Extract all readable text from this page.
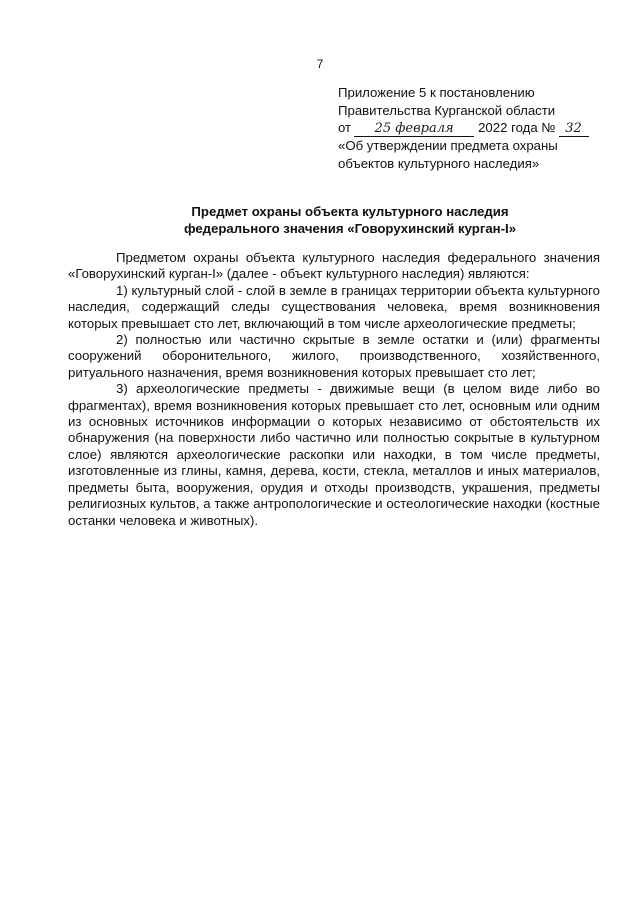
7
Приложение 5 к постановлению
Правительства Курганской области
от 25 февраля 2022 года № 32
«Об утверждении предмета охраны
объектов культурного наследия»
Предмет охраны объекта культурного наследия
федерального значения «Говорухинский курган-I»

Предметом охраны объекта культурного наследия федерального значения «Говорухинский курган-I» (далее - объект культурного наследия) являются:

1) культурный слой - слой в земле в границах территории объекта культурного наследия, содержащий следы существования человека, время возникновения которых превышает сто лет, включающий в том числе археологические предметы;

2) полностью или частично скрытые в земле остатки и (или) фрагменты сооружений оборонительного, жилого, производственного, хозяйственного, ритуального назначения, время возникновения которых превышает сто лет;

3) археологические предметы - движимые вещи (в целом виде либо во фрагментах), время возникновения которых превышает сто лет, основным или одним из основных источников информации о которых независимо от обстоятельств их обнаружения (на поверхности либо частично или полностью сокрытые в культурном слое) являются археологические раскопки или находки, в том числе предметы, изготовленные из глины, камня, дерева, кости, стекла, металлов и иных материалов, предметы быта, вооружения, орудия и отходы производств, украшения, предметы религиозных культов, а также антропологические и остеологические находки (костные останки человека и животных).
